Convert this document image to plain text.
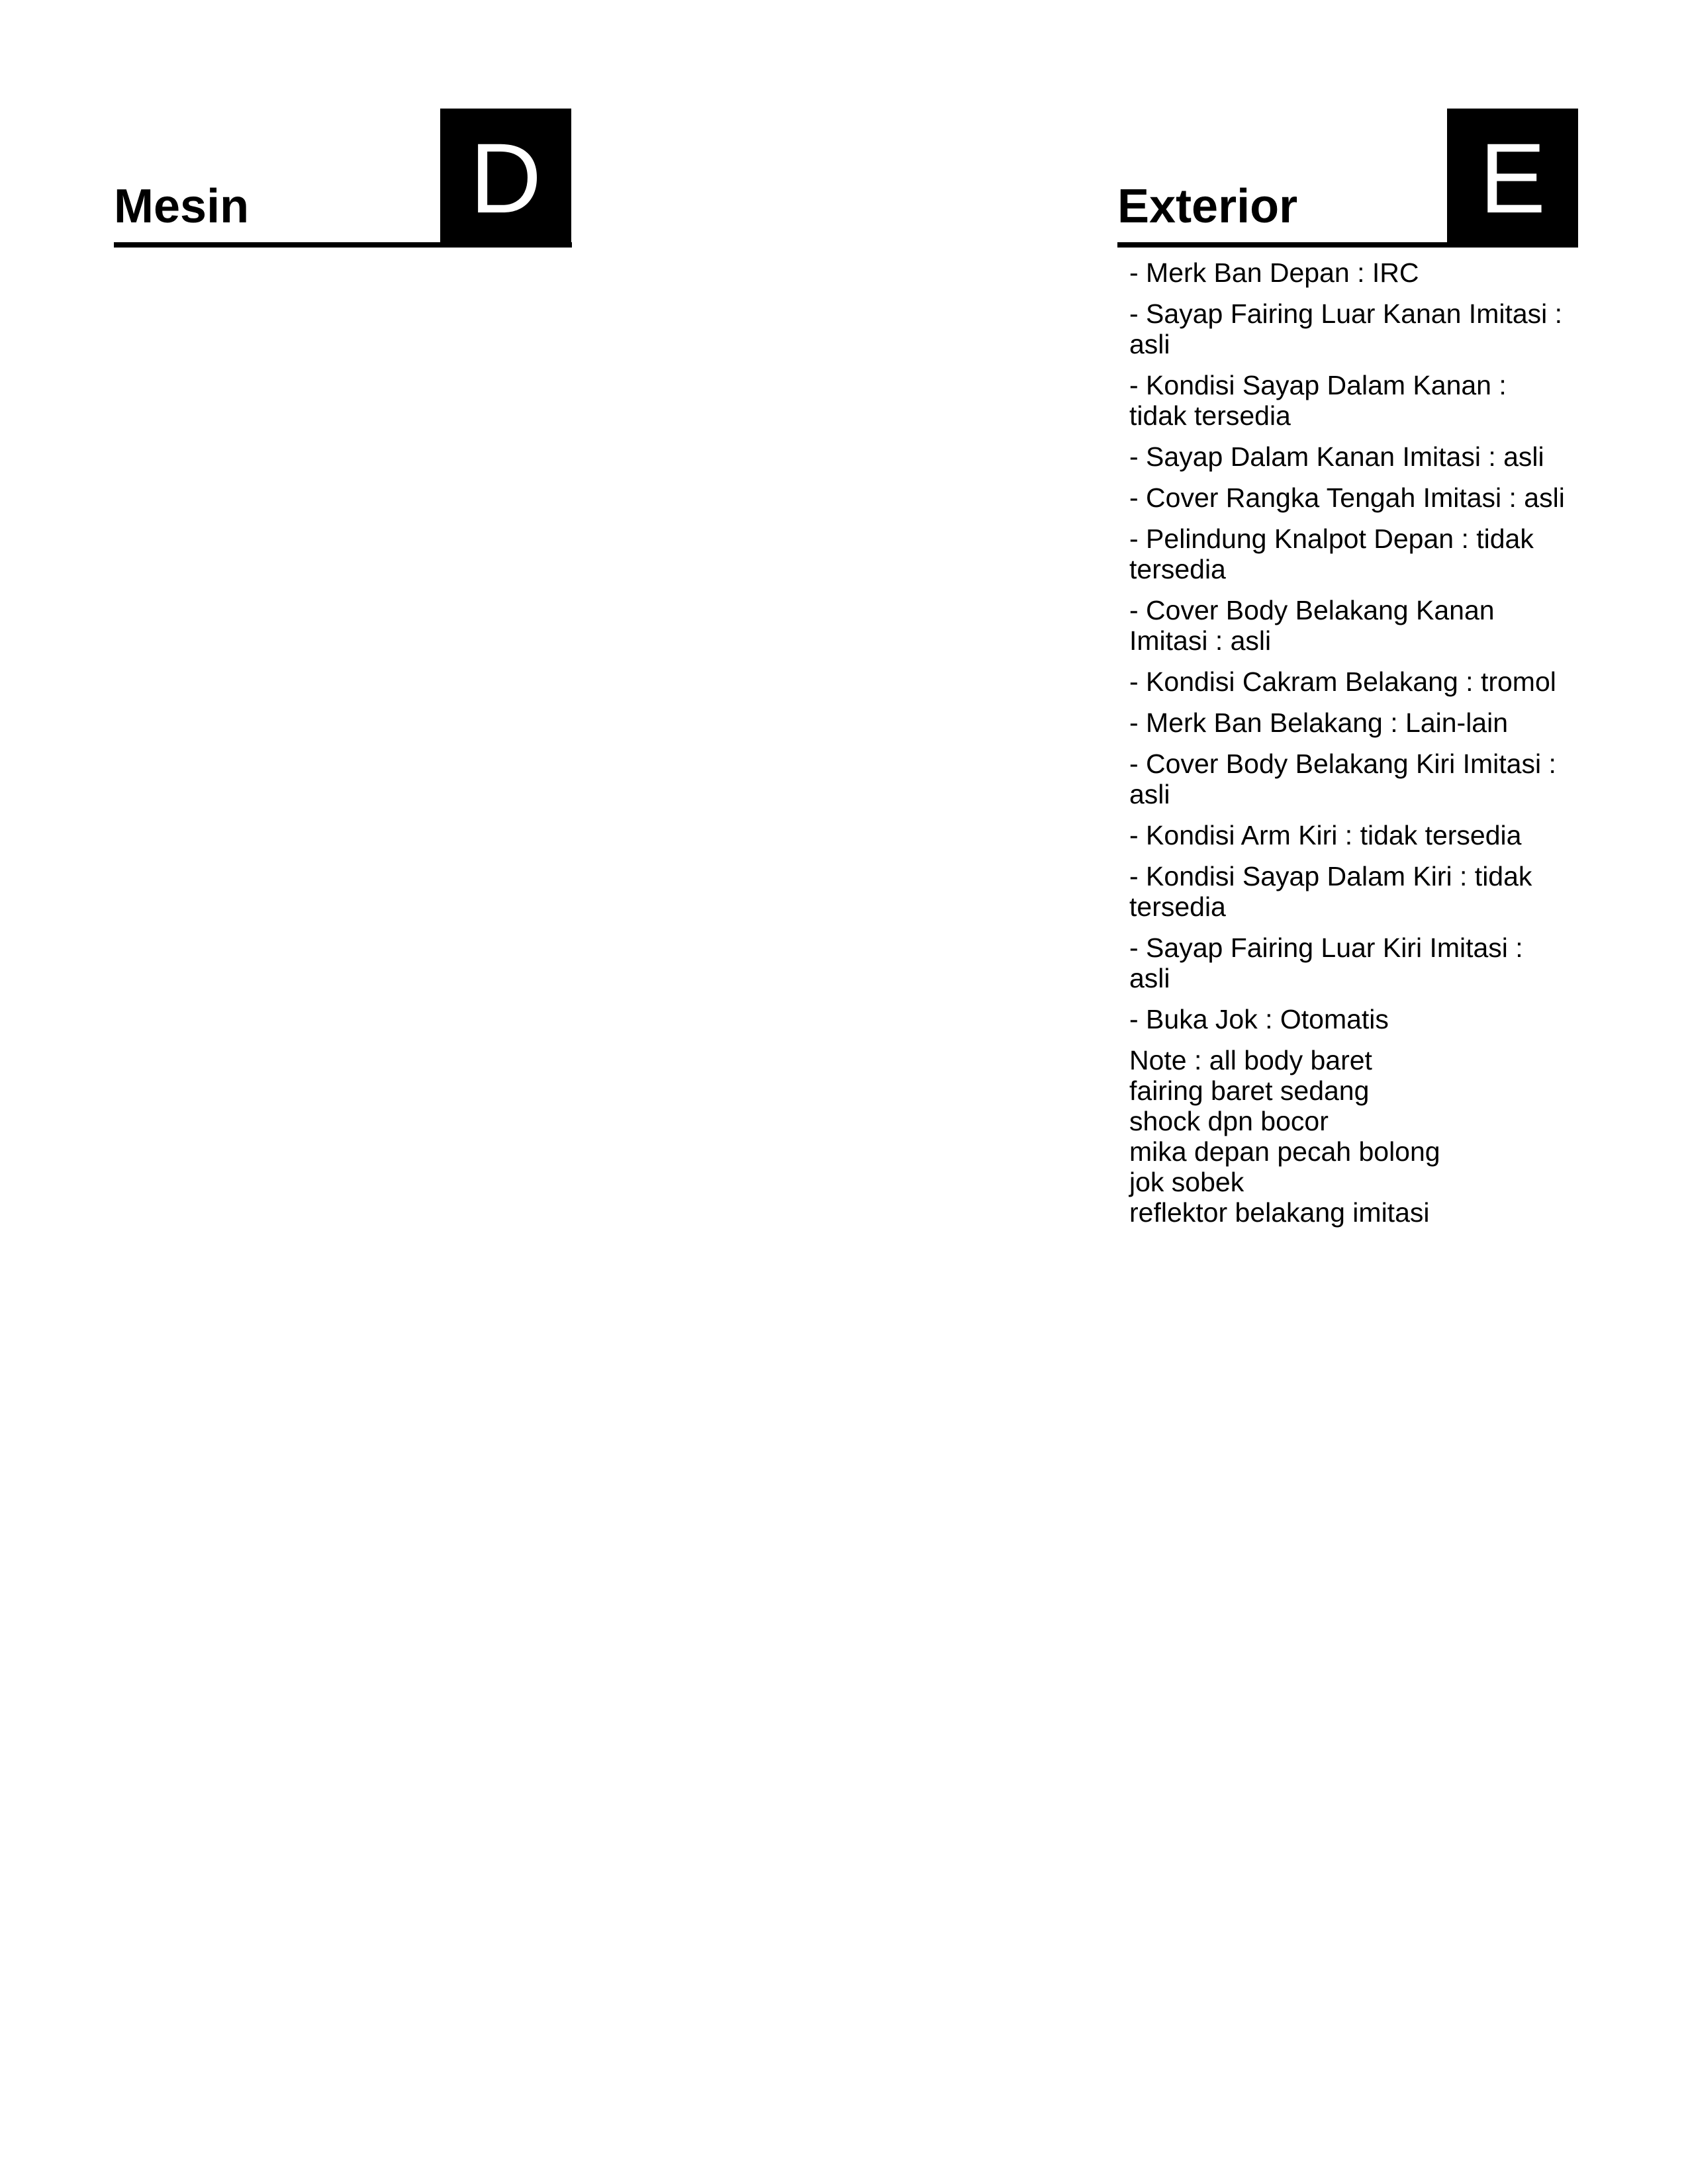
Mesin D	Exterior	E
- Merk Ban Depan : IRC
- Sayap Fairing Luar Kanan Imitasi : asli
- Kondisi Sayap Dalam Kanan : tidak tersedia
- Sayap Dalam Kanan Imitasi : asli
- Cover Rangka Tengah Imitasi : asli
- Pelindung Knalpot Depan : tidak tersedia
- Cover Body Belakang Kanan Imitasi : asli
- Kondisi Cakram Belakang : tromol
- Merk Ban Belakang : Lain-lain
- Cover Body Belakang Kiri Imitasi : asli
- Kondisi Arm Kiri : tidak tersedia
- Kondisi Sayap Dalam Kiri : tidak tersedia
- Sayap Fairing Luar Kiri Imitasi : asli
- Buka Jok : Otomatis
Note : all body baret
fairing baret sedang
shock dpn bocor
mika depan pecah bolong
jok sobek
reflektor belakang imitasi
